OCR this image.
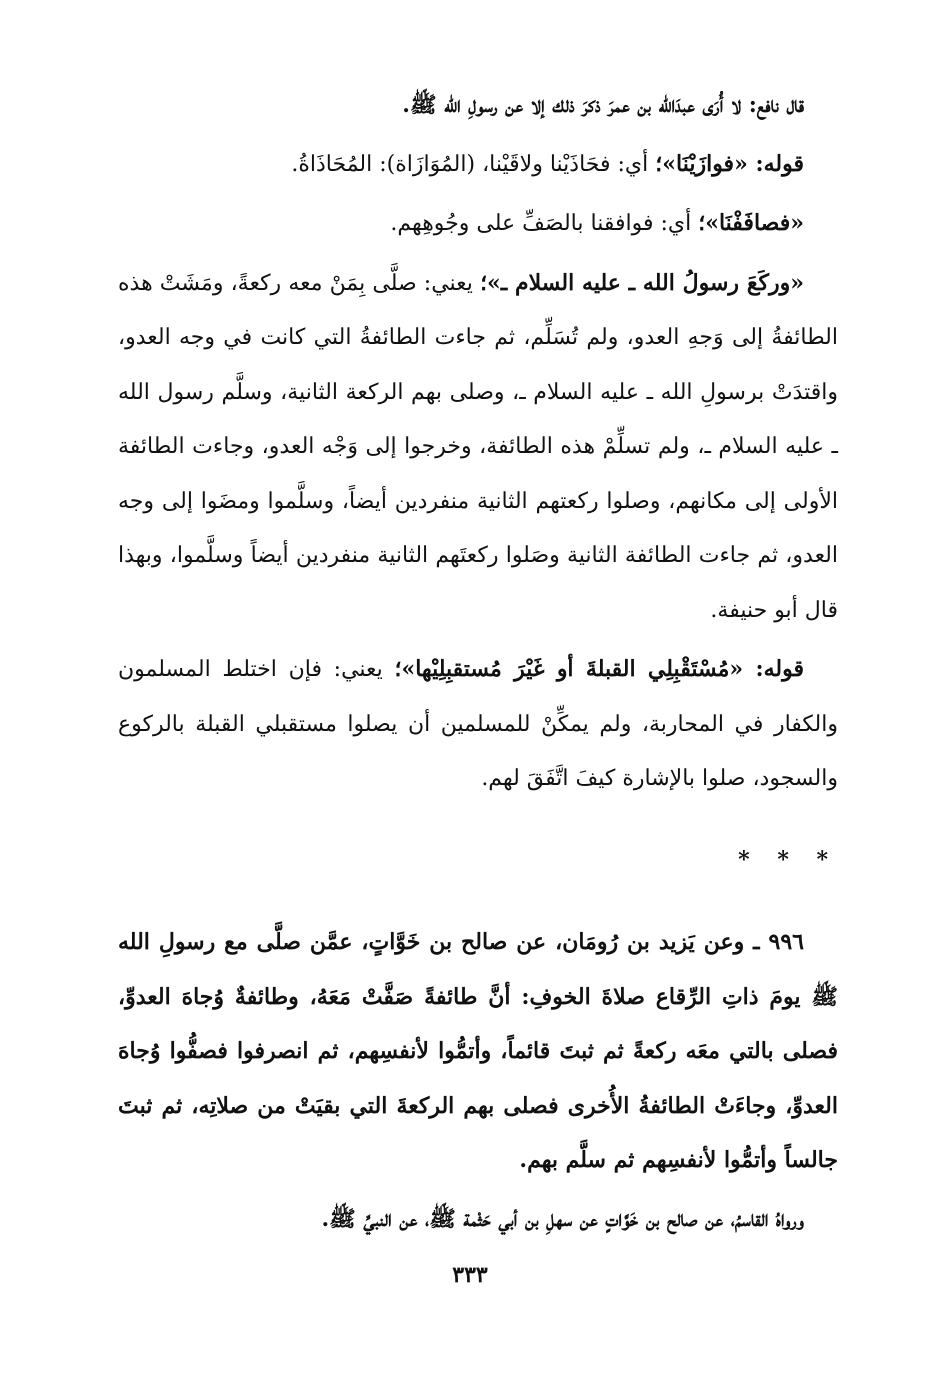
قال نافع: لا أُرَى عبدَالله بن عمرَ ذكرَ ذلك إلا عن رسولِ الله ﷺ.

قوله: «فوازَيْنَا»؛ أي: فحَاذَيْنا ولاقَيْنا، (المُوَازَاة): المُحَاذَاةُ.

«فصافَفْنَا»؛ أي: فوافقنا بالصَفِّ على وجُوهِهم.

«وركَعَ رسولُ الله ـ عليه السلام ـ»؛ يعني: صلَّى بِمَنْ معه ركعةً، ومَشَتْ هذه الطائفةُ إلى وَجهِ العدو، ولم تُسَلِّم، ثم جاءت الطائفةُ التي كانت في وجه العدو، واقتدَتْ برسولِ الله ـ عليه السلام ـ، وصلى بهم الركعة الثانية، وسلَّم رسول الله ـ عليه السلام ـ، ولم تسلِّمْ هذه الطائفة، وخرجوا إلى وَجْه العدو، وجاءت الطائفة الأولى إلى مكانهم، وصلوا ركعتهم الثانية منفردين أيضاً، وسلَّموا ومضَوا إلى وجه العدو، ثم جاءت الطائفة الثانية وصَلوا ركعتَهم الثانية منفردين أيضاً وسلَّموا، وبهذا قال أبو حنيفة.

قوله: «مُسْتَقْبِلِي القبلةَ أو غَيْرَ مُستقبِلِيْها»؛ يعني: فإن اختلط المسلمون والكفار في المحاربة، ولم يمكِّنْ للمسلمين أن يصلوا مستقبلي القبلة بالركوع والسجود، صلوا بالإشارة كيفَ اتَّفَقَ لهم.

* * *

٩٩٦ ـ وعن يَزيد بن رُومَان، عن صالح بن خَوَّاتٍ، عمَّن صلَّى مع رسولِ الله ﷺ يومَ ذاتِ الرِّقاع صلاةَ الخوفِ: أنَّ طائفةً صَفَّتْ مَعَهُ، وطائفةٌ وُجاهَ العدوِّ، فصلى بالتي معَه ركعةً ثم ثبتَ قائماً، وأتمُّوا لأنفسِهم، ثم انصرفوا فصفُّوا وُجاهَ العدوِّ، وجاءَتْ الطائفةُ الأُخرى فصلى بهم الركعةَ التي بقيَتْ من صلاتِه، ثم ثبتَ جالساً وأتمُّوا لأنفسِهم ثم سلَّم بهم.

ورواهُ القاسمُ، عن صالح بن خَوَّاتٍ عن سهلِ بن أبي حَثْمة ﷺ، عن النبيِّ ﷺ.

٣٣٣
